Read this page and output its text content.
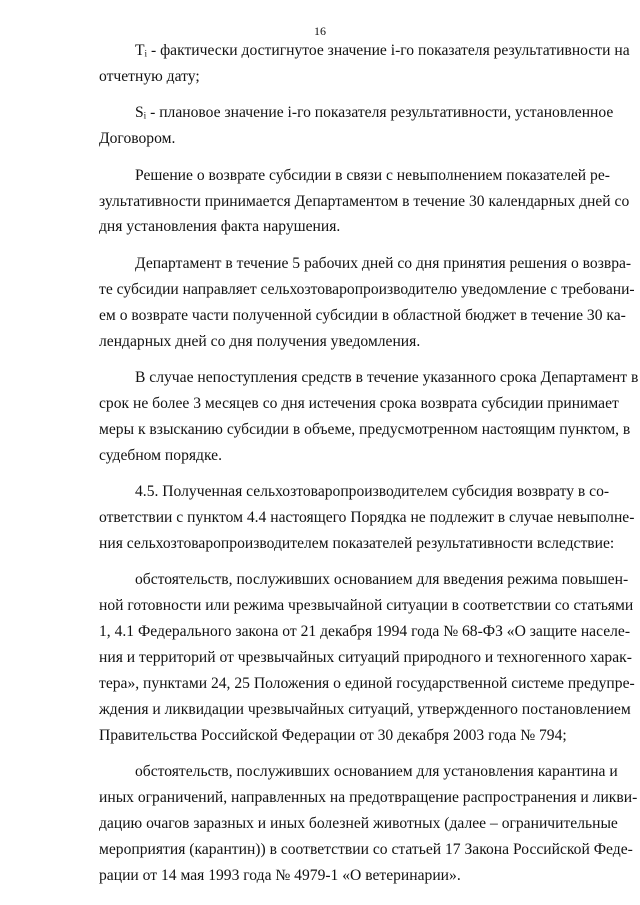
16

Tᵢ - фактически достигнутое значение i-го показателя результативности на
отчетную дату;

Sᵢ - плановое значение i-го показателя результативности, установленное
Договором.

Решение о возврате субсидии в связи с невыполнением показателей ре-
зультативности принимается Департаментом в течение 30 календарных дней со
дня установления факта нарушения.

Департамент в течение 5 рабочих дней со дня принятия решения о возвра-
те субсидии направляет сельхозтоваропроизводителю уведомление с требовани-
ем о возврате части полученной субсидии в областной бюджет в течение 30 ка-
лендарных дней со дня получения уведомления.

В случае непоступления средств в течение указанного срока Департамент в
срок не более 3 месяцев со дня истечения срока возврата субсидии принимает
меры к взысканию субсидии в объеме, предусмотренном настоящим пунктом, в
судебном порядке.

4.5. Полученная сельхозтоваропроизводителем субсидия возврату в со-
ответствии с пунктом 4.4 настоящего Порядка не подлежит в случае невыполне-
ния сельхозтоваропроизводителем показателей результативности вследствие:

обстоятельств, послуживших основанием для введения режима повышен-
ной готовности или режима чрезвычайной ситуации в соответствии со статьями
1, 4.1 Федерального закона от 21 декабря 1994 года № 68-ФЗ «О защите населе-
ния и территорий от чрезвычайных ситуаций природного и техногенного харак-
тера», пунктами 24, 25 Положения о единой государственной системе предупре-
ждения и ликвидации чрезвычайных ситуаций, утвержденного постановлением
Правительства Российской Федерации от 30 декабря 2003 года № 794;

обстоятельств, послуживших основанием для установления карантина и
иных ограничений, направленных на предотвращение распространения и ликви-
дацию очагов заразных и иных болезней животных (далее – ограничительные
мероприятия (карантин)) в соответствии со статьей 17 Закона Российской Феде-
рации от 14 мая 1993 года № 4979-1 «О ветеринарии».
